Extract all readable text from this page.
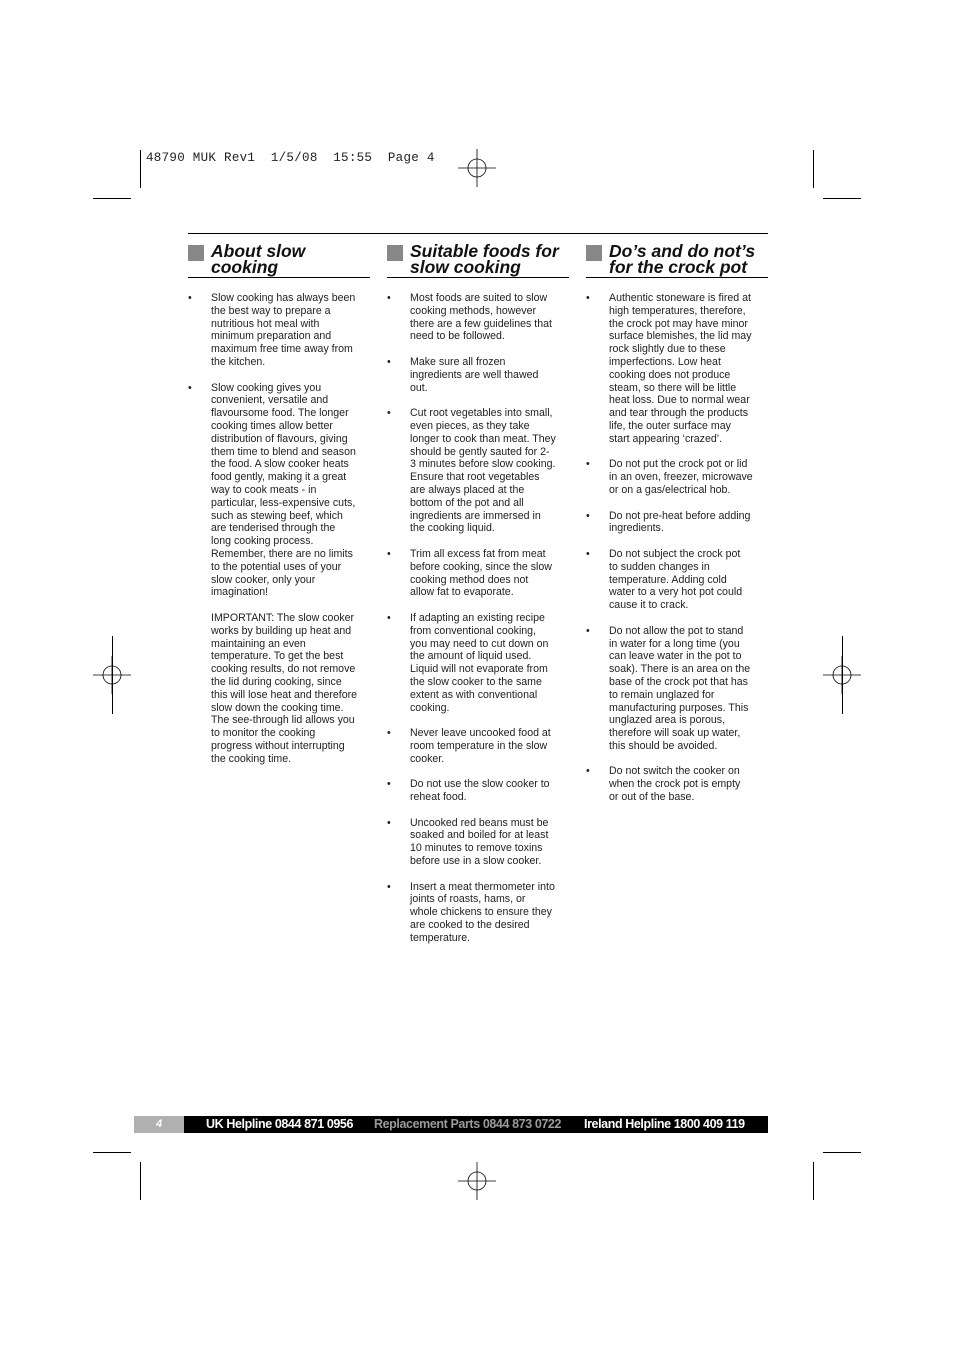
48790 MUK Rev1  1/5/08  15:55  Page 4
About slow
cooking
• Slow cooking has always been
the best way to prepare a
nutritious hot meal with
minimum preparation and
maximum free time away from
the kitchen.
• Slow cooking gives you
convenient, versatile and
flavoursome food. The longer
cooking times allow better
distribution of flavours, giving
them time to blend and season
the food. A slow cooker heats
food gently, making it a great
way to cook meats - in
particular, less-expensive cuts,
such as stewing beef, which
are tenderised through the
long cooking process.
Remember, there are no limits
to the potential uses of your
slow cooker, only your
imagination!
IMPORTANT: The slow cooker
works by building up heat and
maintaining an even
temperature. To get the best
cooking results, do not remove
the lid during cooking, since
this will lose heat and therefore
slow down the cooking time.
The see-through lid allows you
to monitor the cooking
progress without interrupting
the cooking time.
Suitable foods for
slow cooking
• Most foods are suited to slow
cooking methods, however
there are a few guidelines that
need to be followed.
• Make sure all frozen
ingredients are well thawed
out.
• Cut root vegetables into small,
even pieces, as they take
longer to cook than meat. They
should be gently sauted for 2-
3 minutes before slow cooking.
Ensure that root vegetables
are always placed at the
bottom of the pot and all
ingredients are immersed in
the cooking liquid.
• Trim all excess fat from meat
before cooking, since the slow
cooking method does not
allow fat to evaporate.
• If adapting an existing recipe
from conventional cooking,
you may need to cut down on
the amount of liquid used.
Liquid will not evaporate from
the slow cooker to the same
extent as with conventional
cooking.
• Never leave uncooked food at
room temperature in the slow
cooker.
• Do not use the slow cooker to
reheat food.
• Uncooked red beans must be
soaked and boiled for at least
10 minutes to remove toxins
before use in a slow cooker.
• Insert a meat thermometer into
joints of roasts, hams, or
whole chickens to ensure they
are cooked to the desired
temperature.
Do’s and do not’s
for the crock pot
• Authentic stoneware is fired at
high temperatures, therefore,
the crock pot may have minor
surface blemishes, the lid may
rock slightly due to these
imperfections. Low heat
cooking does not produce
steam, so there will be little
heat loss. Due to normal wear
and tear through the products
life, the outer surface may
start appearing ‘crazed’.
• Do not put the crock pot or lid
in an oven, freezer, microwave
or on a gas/electrical hob.
• Do not pre-heat before adding
ingredients.
• Do not subject the crock pot
to sudden changes in
temperature. Adding cold
water to a very hot pot could
cause it to crack.
• Do not allow the pot to stand
in water for a long time (you
can leave water in the pot to
soak). There is an area on the
base of the crock pot that has
to remain unglazed for
manufacturing purposes. This
unglazed area is porous,
therefore will soak up water,
this should be avoided.
• Do not switch the cooker on
when the crock pot is empty
or out of the base.
4	UK Helpline 0844 871 0956 Replacement Parts 0844 873 0722 Ireland Helpline 1800 409 119
